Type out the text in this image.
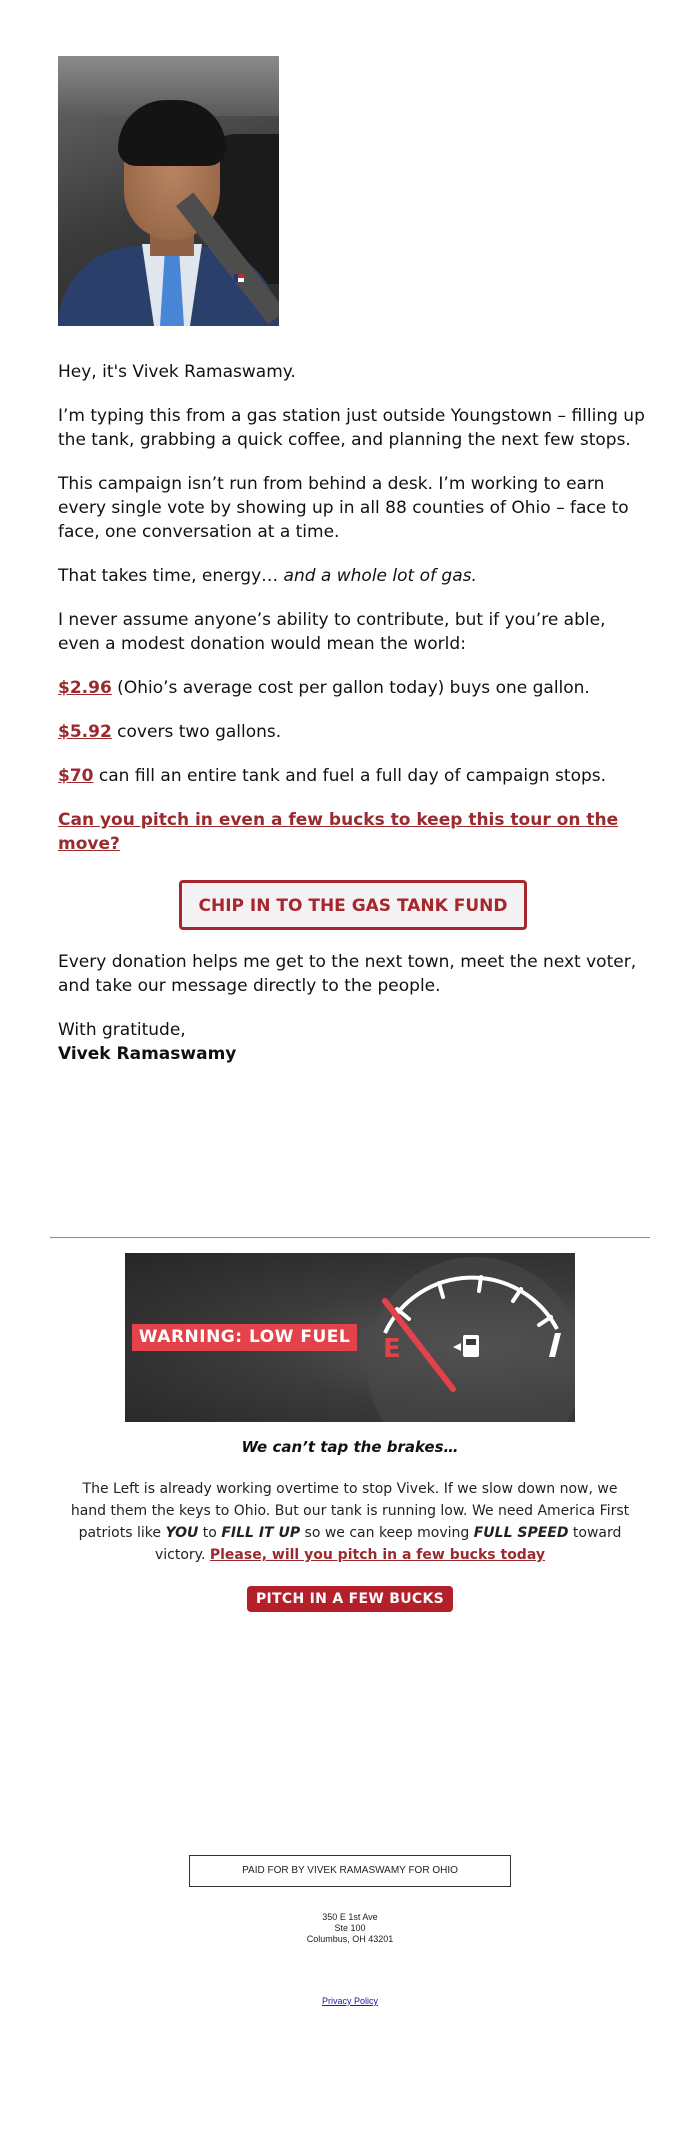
Hey, it's Vivek Ramaswamy.

I’m typing this from a gas station just outside Youngstown – filling up the tank, grabbing a quick coffee, and planning the next few stops.

This campaign isn’t run from behind a desk. I’m working to earn every single vote by showing up in all 88 counties of Ohio – face to face, one conversation at a time.

That takes time, energy… and a whole lot of gas.

I never assume anyone’s ability to contribute, but if you’re able, even a modest donation would mean the world:

$2.96 (Ohio’s average cost per gallon today) buys one gallon.

$5.92 covers two gallons.

$70 can fill an entire tank and fuel a full day of campaign stops.

Can you pitch in even a few bucks to keep this tour on the move?
CHIP IN TO THE GAS TANK FUND

Every donation helps me get to the next town, meet the next voter, and take our message directly to the people.

With gratitude,
Vivek Ramaswamy

WARNING: LOW FUEL E
We can’t tap the brakes…
The Left is already working overtime to stop Vivek. If we slow down now, we hand them the keys to Ohio. But our tank is running low. We need America First patriots like YOU to FILL IT UP so we can keep moving FULL SPEED toward victory. Please, will you pitch in a few bucks today
PITCH IN A FEW BUCKS
PAID FOR BY VIVEK RAMASWAMY FOR OHIO
350 E 1st Ave
Ste 100
Columbus, OH 43201
Privacy Policy
